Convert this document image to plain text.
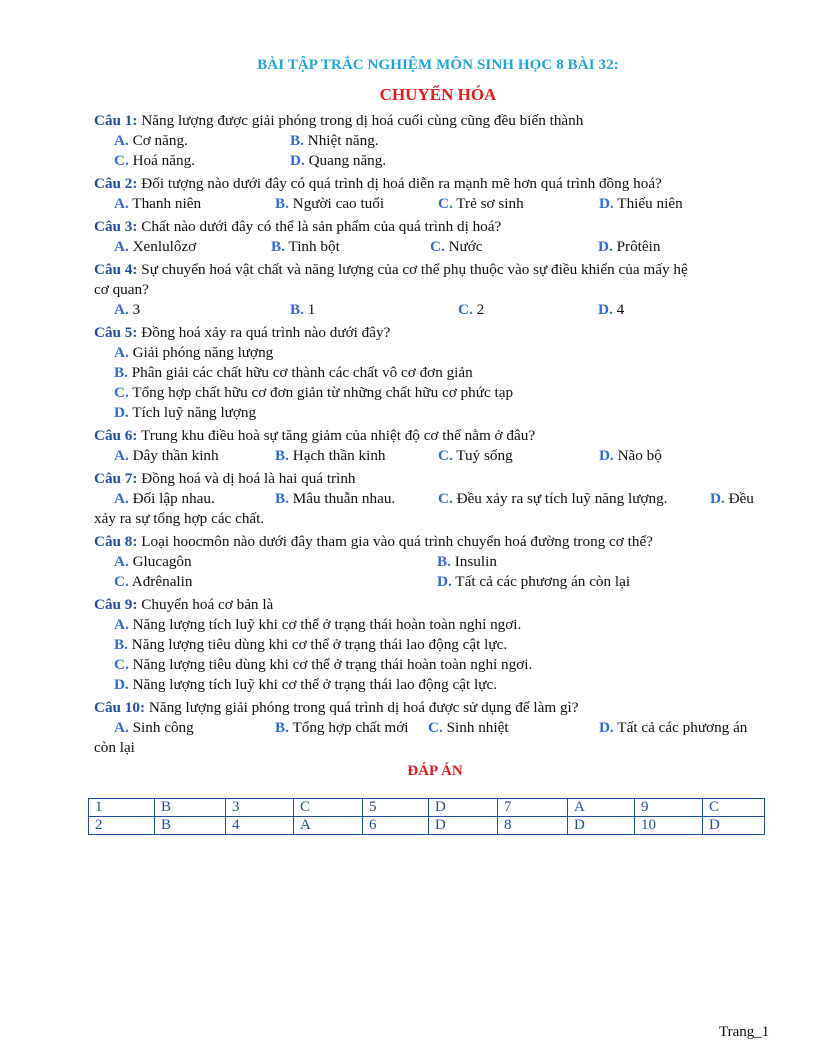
BÀI TẬP TRẮC NGHIỆM MÔN SINH HỌC 8 BÀI 32:
CHUYỂN HÓA
Câu 1: Năng lượng được giải phóng trong dị hoá cuối cùng cũng đều biến thành
A. Cơ năng.	B. Nhiệt năng.
C. Hoá năng.	D. Quang năng.
Câu 2: Đối tượng nào dưới đây có quá trình dị hoá diễn ra mạnh mẽ hơn quá trình đồng hoá?
A. Thanh niên	B. Người cao tuổi	C. Trẻ sơ sinh	D. Thiếu niên
Câu 3: Chất nào dưới đây có thể là sản phẩm của quá trình dị hoá?
A. Xenlulôzơ	B. Tinh bột	C. Nước	D. Prôtêin
Câu 4: Sự chuyển hoá vật chất và năng lượng của cơ thể phụ thuộc vào sự điều khiển của mấy hệ
cơ quan?
A. 3	B. 1	C. 2	D. 4
Câu 5: Đồng hoá xảy ra quá trình nào dưới đây?
A. Giải phóng năng lượng
B. Phân giải các chất hữu cơ thành các chất vô cơ đơn giản
C. Tổng hợp chất hữu cơ đơn giản từ những chất hữu cơ phức tạp
D. Tích luỹ năng lượng
Câu 6: Trung khu điều hoà sự tăng giảm của nhiệt độ cơ thể nằm ở đâu?
A. Dây thần kinh	B. Hạch thần kinh	C. Tuỷ sống	D. Não bộ
Câu 7: Đồng hoá và dị hoá là hai quá trình
A. Đối lập nhau.	B. Mâu thuẫn nhau.	C. Đều xảy ra sự tích luỹ năng lượng.	D. Đều
xảy ra sự tổng hợp các chất.
Câu 8: Loại hoocmôn nào dưới đây tham gia vào quá trình chuyển hoá đường trong cơ thể?
A. Glucagôn	B. Insulin
C. Ađrênalin	D. Tất cả các phương án còn lại
Câu 9: Chuyển hoá cơ bản là
A. Năng lượng tích luỹ khi cơ thể ở trạng thái hoàn toàn nghỉ ngơi.
B. Năng lượng tiêu dùng khi cơ thể ở trạng thái lao động cật lực.
C. Năng lượng tiêu dùng khi cơ thể ở trạng thái hoàn toàn nghỉ ngơi.
D. Năng lượng tích luỹ khi cơ thể ở trạng thái lao động cật lực.
Câu 10: Năng lượng giải phóng trong quá trình dị hoá được sử dụng để làm gì?
A. Sinh công	B. Tổng hợp chất mới C. Sinh nhiệt	D. Tất cả các phương án
còn lại
ĐÁP ÁN
1	B	3	C	5	D	7	A	9	C
2	B	4	A	6	D	8	D	10	D
Trang_1
